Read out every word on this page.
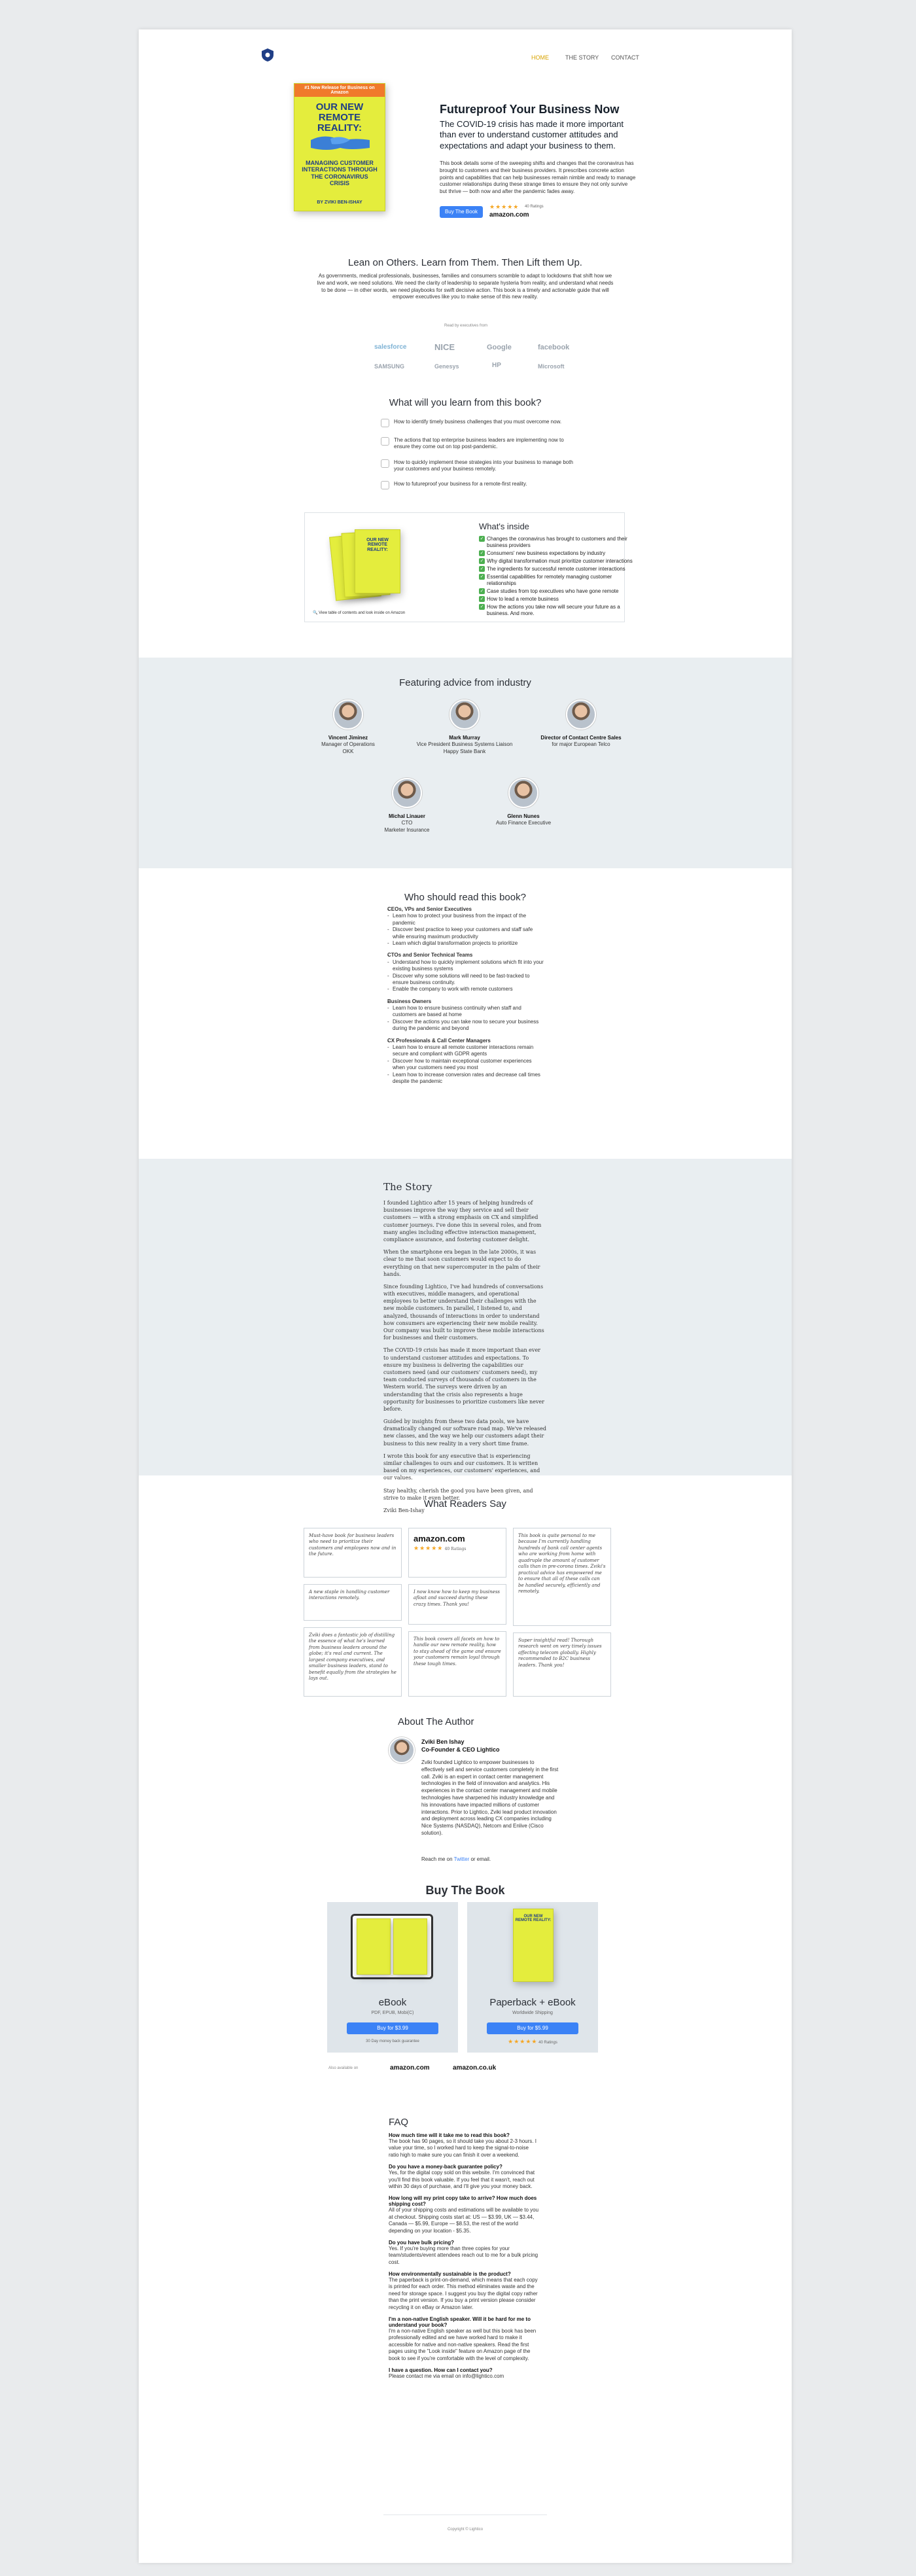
HOME	THE STORY CONTACT
#1 New Release for Business on Amazon
OUR NEW REMOTE REALITY:
MANAGING CUSTOMER INTERACTIONS THROUGH THE CORONAVIRUS CRISIS
BY ZVIKI BEN-ISHAY
Futureproof Your Business Now
The COVID-19 crisis has made it more important than ever to understand customer attitudes and expectations and adapt your business to them.
This book details some of the sweeping shifts and changes that the coronavirus has brought to customers and their business providers. It prescribes concrete action points and capabilities that can help businesses remain nimble and ready to manage customer relationships during these strange times to ensure they not only survive but thrive — both now and after the pandemic fades away.
Buy The Book
★★★★★ 40 Ratings
amazon.com
Lean on Others. Learn from Them. Then Lift them Up.
As governments, medical professionals, businesses, families and consumers scramble to adapt to lockdowns that shift how we live and work, we need solutions. We need the clarity of leadership to separate hysteria from reality, and understand what needs to be done — in other words, we need playbooks for swift decisive action. This book is a timely and actionable guide that will empower executives like you to make sense of this new reality.
Read by executives from
salesforce	NICE	Google	facebook
SAMSUNG	Genesys	HP	Microsoft
What will you learn from this book?
How to identify timely business challenges that you must overcome now.
The actions that top enterprise business leaders are implementing now to ensure they come out on top post-pandemic.
How to quickly implement these strategies into your business to manage both your customers and your business remotely.
How to futureproof your business for a remote-first reality.
OUR NEW REMOTE REALITY:
🔍 View table of contents and look inside on Amazon
What's inside
✓ Changes the coronavirus has brought to customers and their business providers
✓ Consumers' new business expectations by industry
✓ Why digital transformation must prioritize customer interactions
✓ The ingredients for successful remote customer interactions
✓ Essential capabilities for remotely managing customer relationships
✓ Case studies from top executives who have gone remote
✓ How to lead a remote business
✓ How the actions you take now will secure your future as a business. And more.
Featuring advice from industry
Vincent Jiminez
Manager of Operations
OKK
Mark Murray
Vice President Business Systems Liaison
Happy State Bank
Director of Contact Centre Sales
for major European Telco
Michal Linauer
CTO
Marketer Insurance
Glenn Nunes
Auto Finance Executive
Who should read this book?
- CEOs, VPs and Senior Executives
- Learn how to protect your business from the impact of the pandemic
- Discover best practice to keep your customers and staff safe while ensuring maximum productivity
- Learn which digital transformation projects to prioritize
- CTOs and Senior Technical Teams
- Understand how to quickly implement solutions which fit into your existing business systems
- Discover why some solutions will need to be fast-tracked to ensure business continuity.
- Enable the company to work with remote customers
- Business Owners
- Learn how to ensure business continuity when staff and customers are based at home
- Discover the actions you can take now to secure your business during the pandemic and beyond
- CX Professionals & Call Center Managers
- Learn how to ensure all remote customer interactions remain secure and compliant with GDPR agents
- Discover how to maintain exceptional customer experiences when your customers need you most
- Learn how to increase conversion rates and decrease call times despite the pandemic
The Story

I founded Lightico after 15 years of helping hundreds of businesses improve the way they service and sell their customers — with a strong emphasis on CX and simplified customer journeys. I've done this in several roles, and from many angles including effective interaction management, compliance assurance, and fostering customer delight.

When the smartphone era began in the late 2000s, it was clear to me that soon customers would expect to do everything on that new supercomputer in the palm of their hands.

Since founding Lightico, I've had hundreds of conversations with executives, middle managers, and operational employees to better understand their challenges with the new mobile customers. In parallel, I listened to, and analyzed, thousands of interactions in order to understand how consumers are experiencing their new mobile reality. Our company was built to improve these mobile interactions for businesses and their customers.

The COVID-19 crisis has made it more important than ever to understand customer attitudes and expectations. To ensure my business is delivering the capabilities our customers need (and our customers' customers need), my team conducted surveys of thousands of customers in the Western world. The surveys were driven by an understanding that the crisis also represents a huge opportunity for businesses to prioritize customers like never before.

Guided by insights from these two data pools, we have dramatically changed our software road map. We've released new classes, and the way we help our customers adapt their business to this new reality in a very short time frame.

I wrote this book for any executive that is experiencing similar challenges to ours and our customers. It is written based on my experiences, our customers' experiences, and our values.

Stay healthy, cherish the good you have been given, and strive to make it even better.

Zviki Ben-Ishay

What Readers Say
Must-have book for business leaders who need to prioritize their customers and employees now and in the future.
amazon.com
★★★★★ 40 Ratings
This book is quite personal to me because I'm currently handling hundreds of bank call center agents who are working from home with quadruple the amount of customer calls than in pre-corona times. Zviki's practical advice has empowered me to ensure that all of these calls can be handled securely, efficiently and remotely.
A new staple in handling customer interactions remotely.
I now know how to keep my business afloat and succeed during these crazy times. Thank you!
Zviki does a fantastic job of distilling the essence of what he's learned from business leaders around the globe; it's real and current. The largest company executives, and smaller business leaders, stand to benefit equally from the strategies he lays out.
This book covers all facets on how to handle our new remote reality, how to stay ahead of the game and ensure your customers remain loyal through these tough times.
Super insightful read! Thorough research went on very timely issues affecting telecom globally. Highly recommended to B2C business leaders. Thank you!
About The Author
Zviki Ben Ishay
Co-Founder & CEO Lightico
Zviki founded Lightico to empower businesses to effectively sell and service customers completely in the first call. Zviki is an expert in contact center management technologies in the field of innovation and analytics. His experiences in the contact center management and mobile technologies have sharpened his industry knowledge and his innovations have impacted millions of customer interactions. Prior to Lightico, Zviki lead product innovation and deployment across leading CX companies including Nice Systems (NASDAQ), Netcom and Enlive (Cisco solution).
Reach me on Twitter or email.
Buy The Book
eBook
PDF, EPUB, Mobi(C)
Buy for $3.99
30 Day money back guarantee
OUR NEW REMOTE REALITY:
Paperback + eBook
Worldwide Shipping
Buy for $5.99
★★★★★ 40 Ratings
Also available on	amazon.com	amazon.co.uk
FAQ
How much time will it take me to read this book?
The book has 90 pages, so it should take you about 2-3 hours. I value your time, so I worked hard to keep the signal-to-noise ratio high to make sure you can finish it over a weekend.
Do you have a money-back guarantee policy?
Yes, for the digital copy sold on this website. I'm convinced that you'll find this book valuable. If you feel that it wasn't, reach out within 30 days of purchase, and I'll give you your money back.
How long will my print copy take to arrive? How much does shipping cost?
All of your shipping costs and estimations will be available to you at checkout. Shipping costs start at: US — $3.99, UK — $3.44, Canada — $5.99, Europe — $8.53, the rest of the world depending on your location - $5.35.
Do you have bulk pricing?
Yes. If you're buying more than three copies for your team/students/event attendees reach out to me for a bulk pricing cost.
How environmentally sustainable is the product?
The paperback is print-on-demand, which means that each copy is printed for each order. This method eliminates waste and the need for storage space. I suggest you buy the digital copy rather than the print version. If you buy a print version please consider recycling it on eBay or Amazon later.
I'm a non-native English speaker. Will it be hard for me to understand your book?
I'm a non-native English speaker as well but this book has been professionally edited and we have worked hard to make it accessible for native and non-native speakers. Read the first pages using the "Look inside" feature on Amazon page of the book to see if you're comfortable with the level of complexity.
I have a question. How can I contact you?
Please contact me via email on info@lightico.com
Copyright © Lightico
